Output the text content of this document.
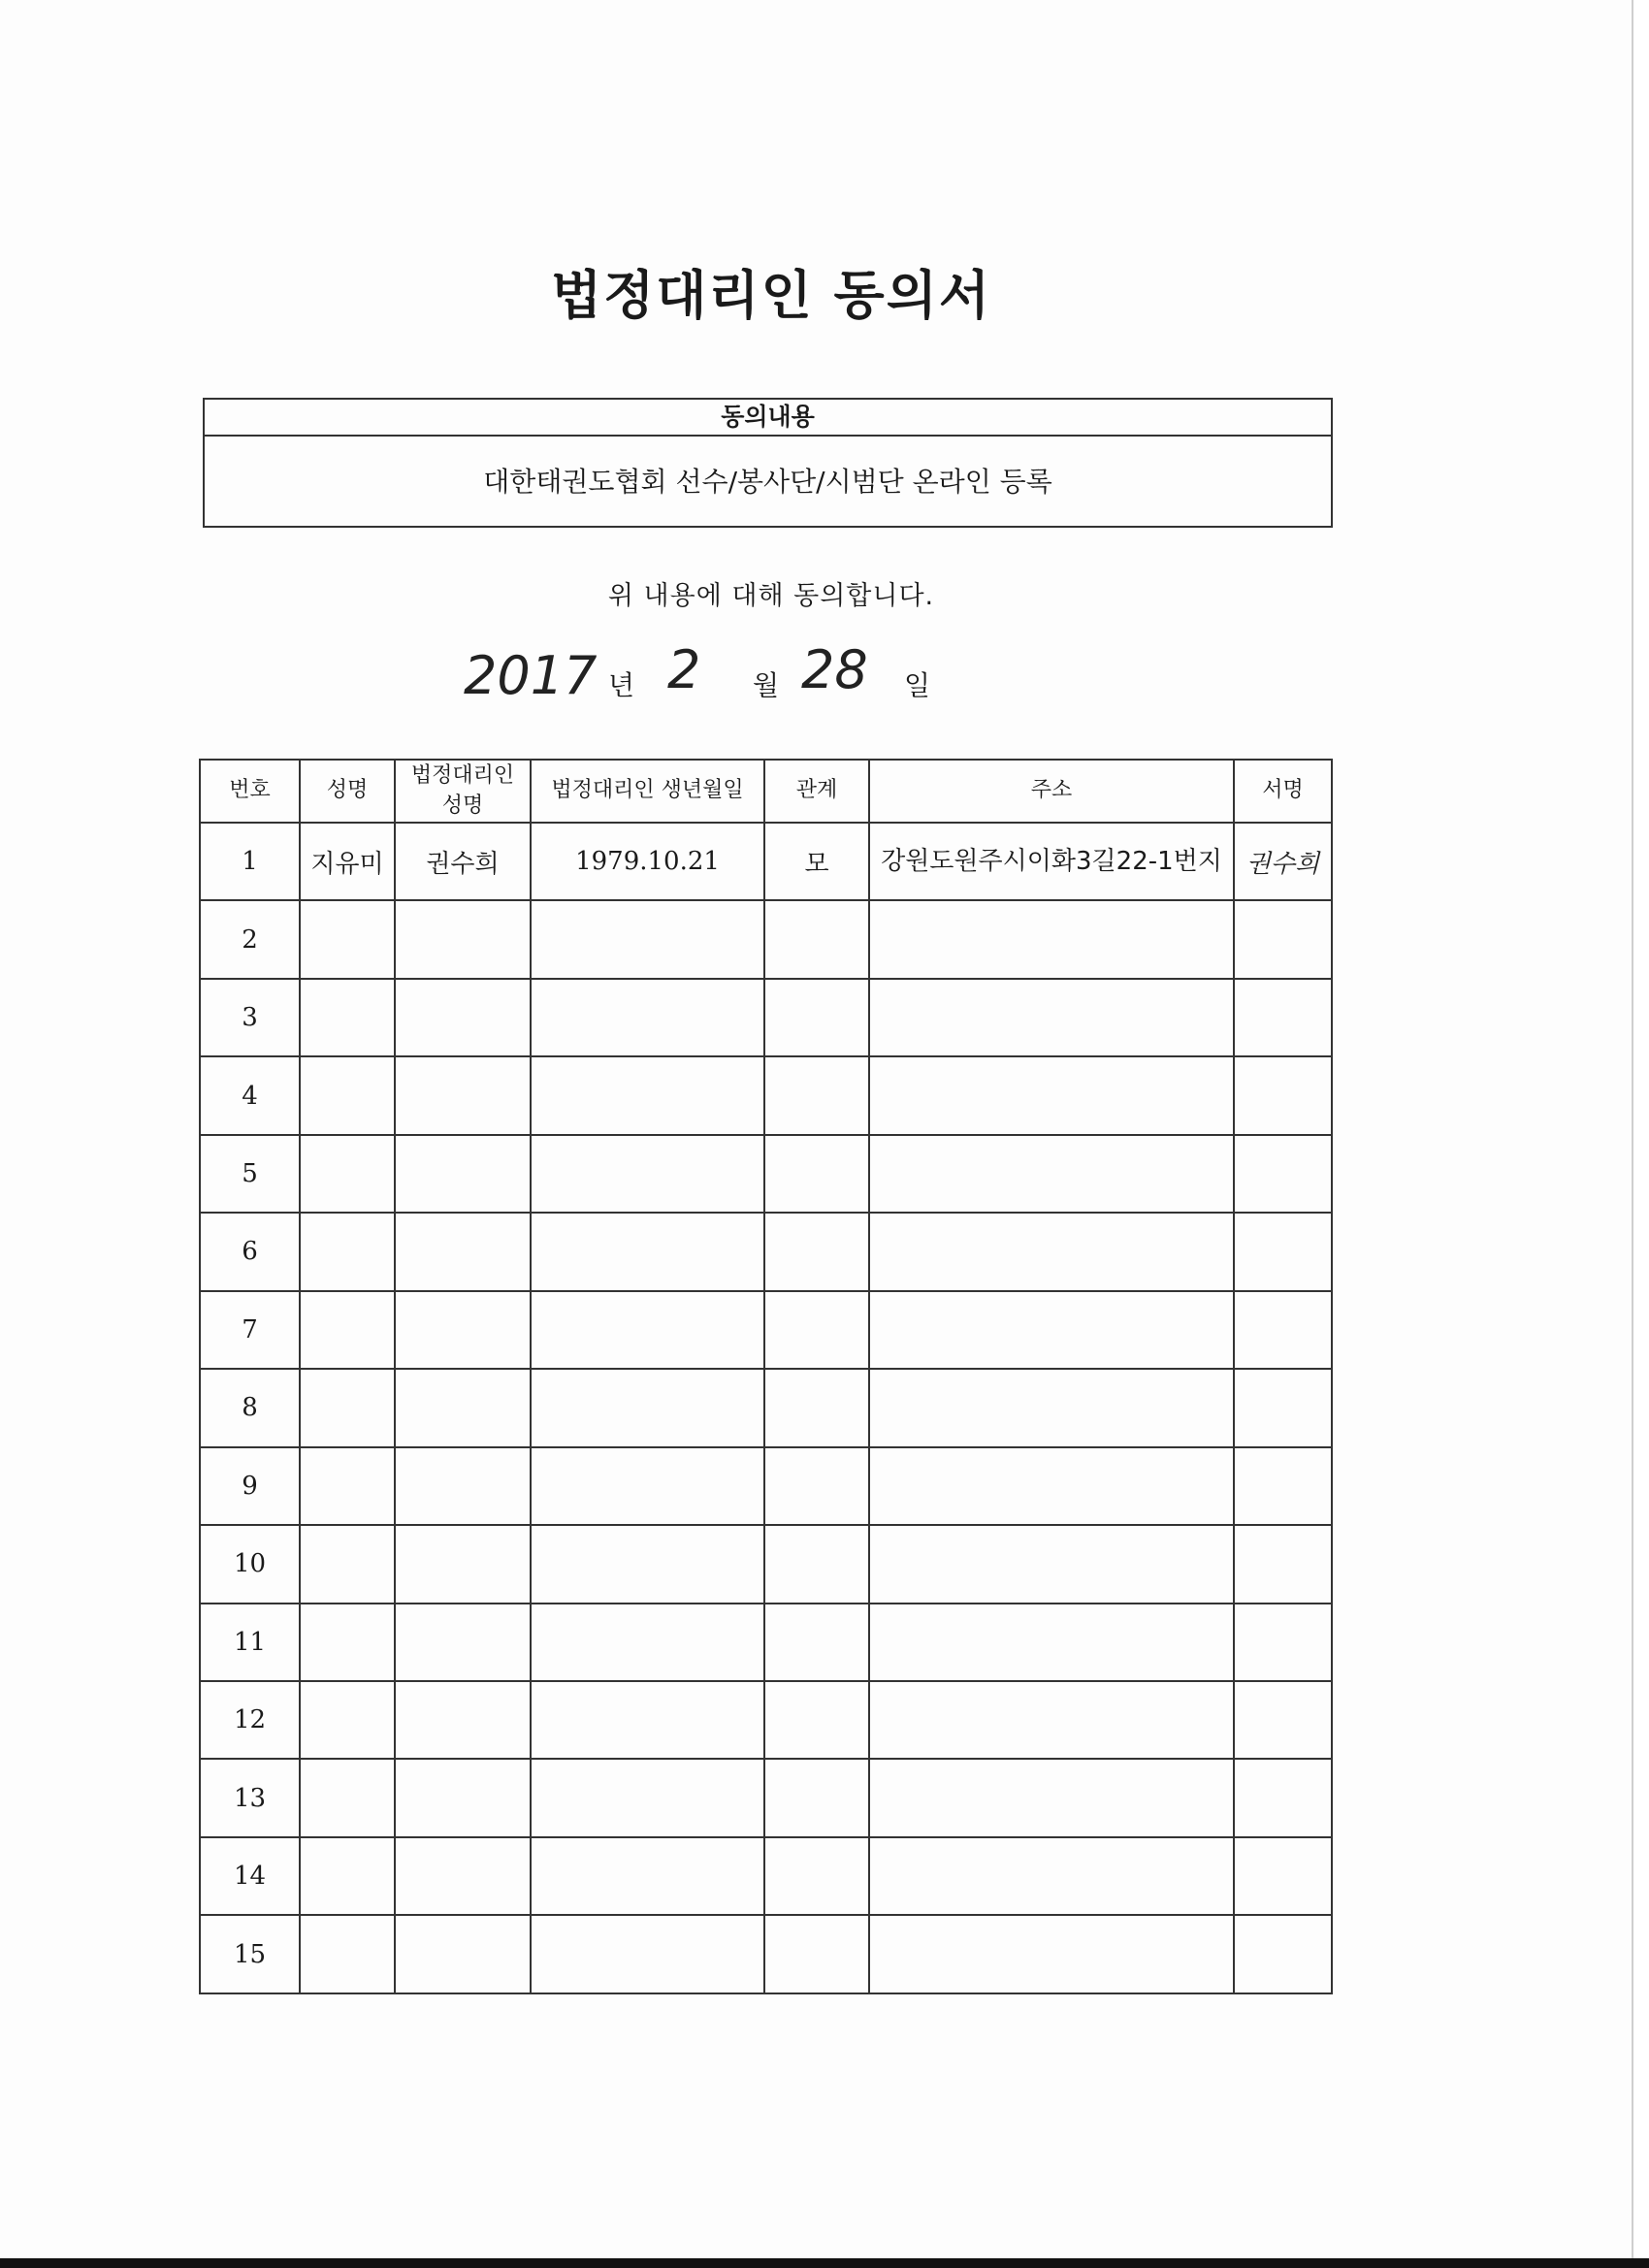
법정대리인 동의서
동의내용
대한태권도협회 선수/봉사단/시범단 온라인 등록
위 내용에 대해 동의합니다.
2017 년 2 월 28 일
번호	성명	법정대리인 성명	법정대리인 생년월일	관계	주소	서명
1	지유미	권수희	1979.10.21	모	강원도원주시이화3길22-1번지	권수희
2						
3						
4						
5						
6						
7						
8						
9						
10						
11						
12						
13						
14						
15						
